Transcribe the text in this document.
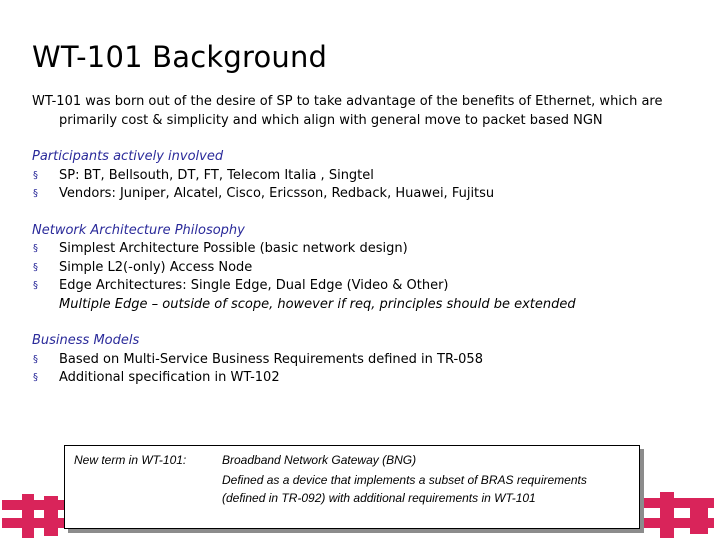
WT-101 Background

WT-101 was born out of the desire of SP to take advantage of the benefits of Ethernet, which are primarily cost & simplicity and which align with general move to packet based NGN

Participants actively involved

§ SP: BT, Bellsouth, DT, FT, Telecom Italia , Singtel
§ Vendors: Juniper, Alcatel, Cisco, Ericsson, Redback, Huawei, Fujitsu

Network Architecture Philosophy

§ Simplest Architecture Possible (basic network design)
§ Simple L2(-only) Access Node
§ Edge Architectures: Single Edge, Dual Edge (Video & Other)

Multiple Edge – outside of scope, however if req, principles should be extended

Business Models

§ Based on Multi-Service Business Requirements defined in TR-058
§ Additional specification in WT-102
New term in WT-101:	Broadband Network Gateway (BNG)
Defined as a device that implements a subset of BRAS requirements (defined in TR-092) with additional requirements in WT-101
